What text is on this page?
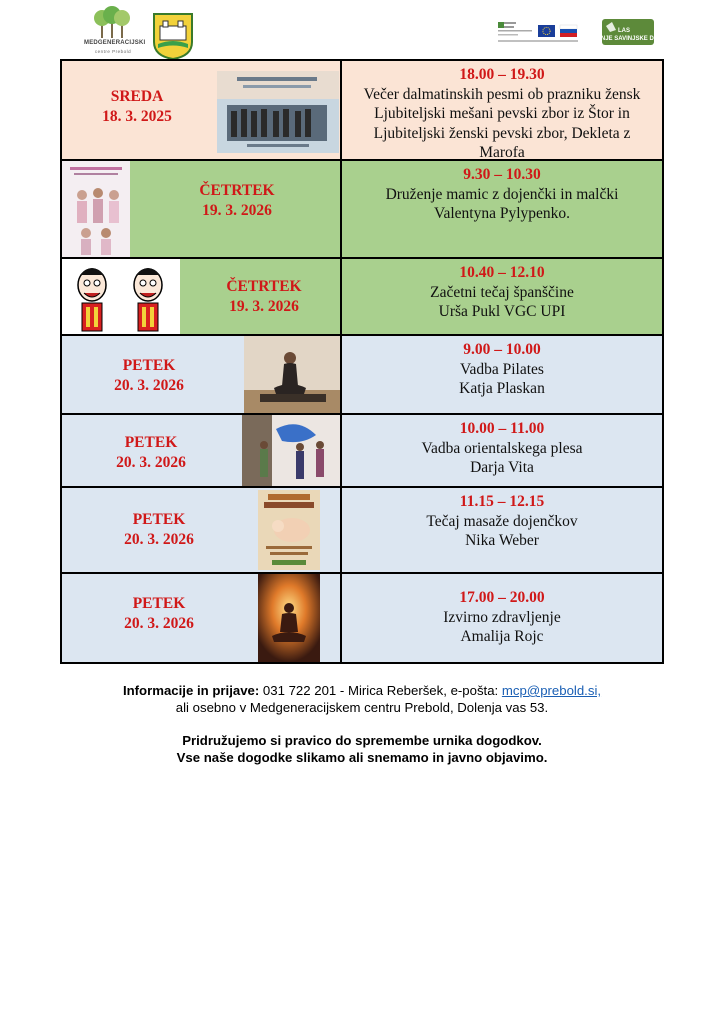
MEDGENERACIJSKI
centre Prebold
LAS
SPODNJE SAVINJSKE DOLINE
SREDA
18. 3. 2025
18.00 – 19.30
Večer dalmatinskih pesmi ob prazniku žensk
Ljubiteljski mešani pevski zbor iz Štor in
Ljubiteljski ženski pevski zbor, Dekleta z
Marofa
ČETRTEK
19. 3. 2026
9.30 – 10.30
Druženje mamic z dojenčki in malčki
Valentyna Pylypenko.
ČETRTEK
19. 3. 2026
10.40 – 12.10
Začetni tečaj španščine
Urša Pukl VGC UPI
PETEK
20. 3. 2026
9.00 – 10.00
Vadba Pilates
Katja Plaskan
PETEK
20. 3. 2026
10.00 – 11.00
Vadba orientalskega plesa
Darja Vita
PETEK
20. 3. 2026
11.15 – 12.15
Tečaj masaže dojenčkov
Nika Weber
PETEK
20. 3. 2026
17.00 – 20.00
Izvirno zdravljenje
Amalija Rojc
Informacije in prijave: 031 722 201 - Mirica Reberšek, e-pošta: mcp@prebold.si,
ali osebno v Medgeneracijskem centru Prebold, Dolenja vas 53.
Pridružujemo si pravico do spremembe urnika dogodkov.
Vse naše dogodke slikamo ali snemamo in javno objavimo.
